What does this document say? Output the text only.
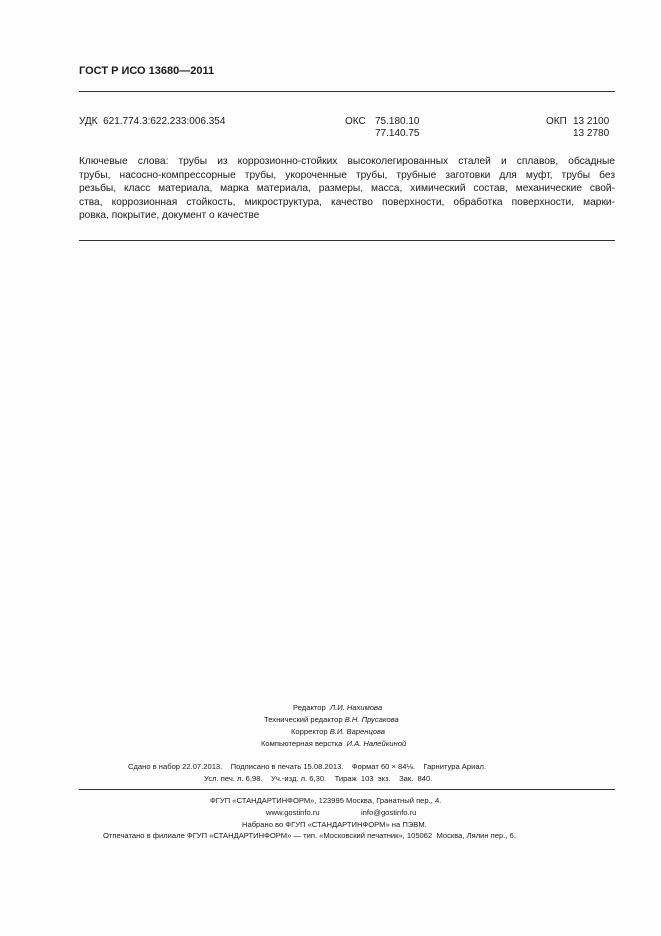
ГОСТ Р ИСО 13680—2011
УДК 621.774.3:622.233:006.354	ОКС 75.180.10
77.140.75
ОКП 13 2100
13 2780
Ключевые слова: трубы из коррозионно-стойких высоколегированных сталей и сплавов, обсадные
трубы, насосно-компрессорные трубы, укороченные трубы, трубные заготовки для муфт, трубы без
резьбы, класс материала, марка материала, размеры, масса, химический состав, механические свой-
ства, коррозионная стойкость, микроструктура, качество поверхности, обработка поверхности, марки-
ровка, покрытие, документ о качестве
Редактор Л.И. Нахимова
Технический редактор В.Н. Прусакова
Корректор В.И. Варенцова
Компьютерная верстка И.А. Налейкиной
Сдано в набор 22.07.2013.    Подписано в печать 15.08.2013.    Формат 60 × 84⅛.    Гарнитура Ариал.
Усл. печ. л. 6,98.    Уч.-изд. л. 6,30.    Тираж  103  экз.    Зак.  840.
ФГУП «СТАНДАРТИНФОРМ», 123995 Москва, Гранатный пер., 4.
www.gostinfo.ru	info@gostinfo.ru
Набрано во ФГУП «СТАНДАРТИНФОРМ» на ПЭВМ.
Отпечатано в филиале ФГУП «СТАНДАРТИНФОРМ» — тип. «Московский печатник», 105062  Москва, Лялин пер., 6.
